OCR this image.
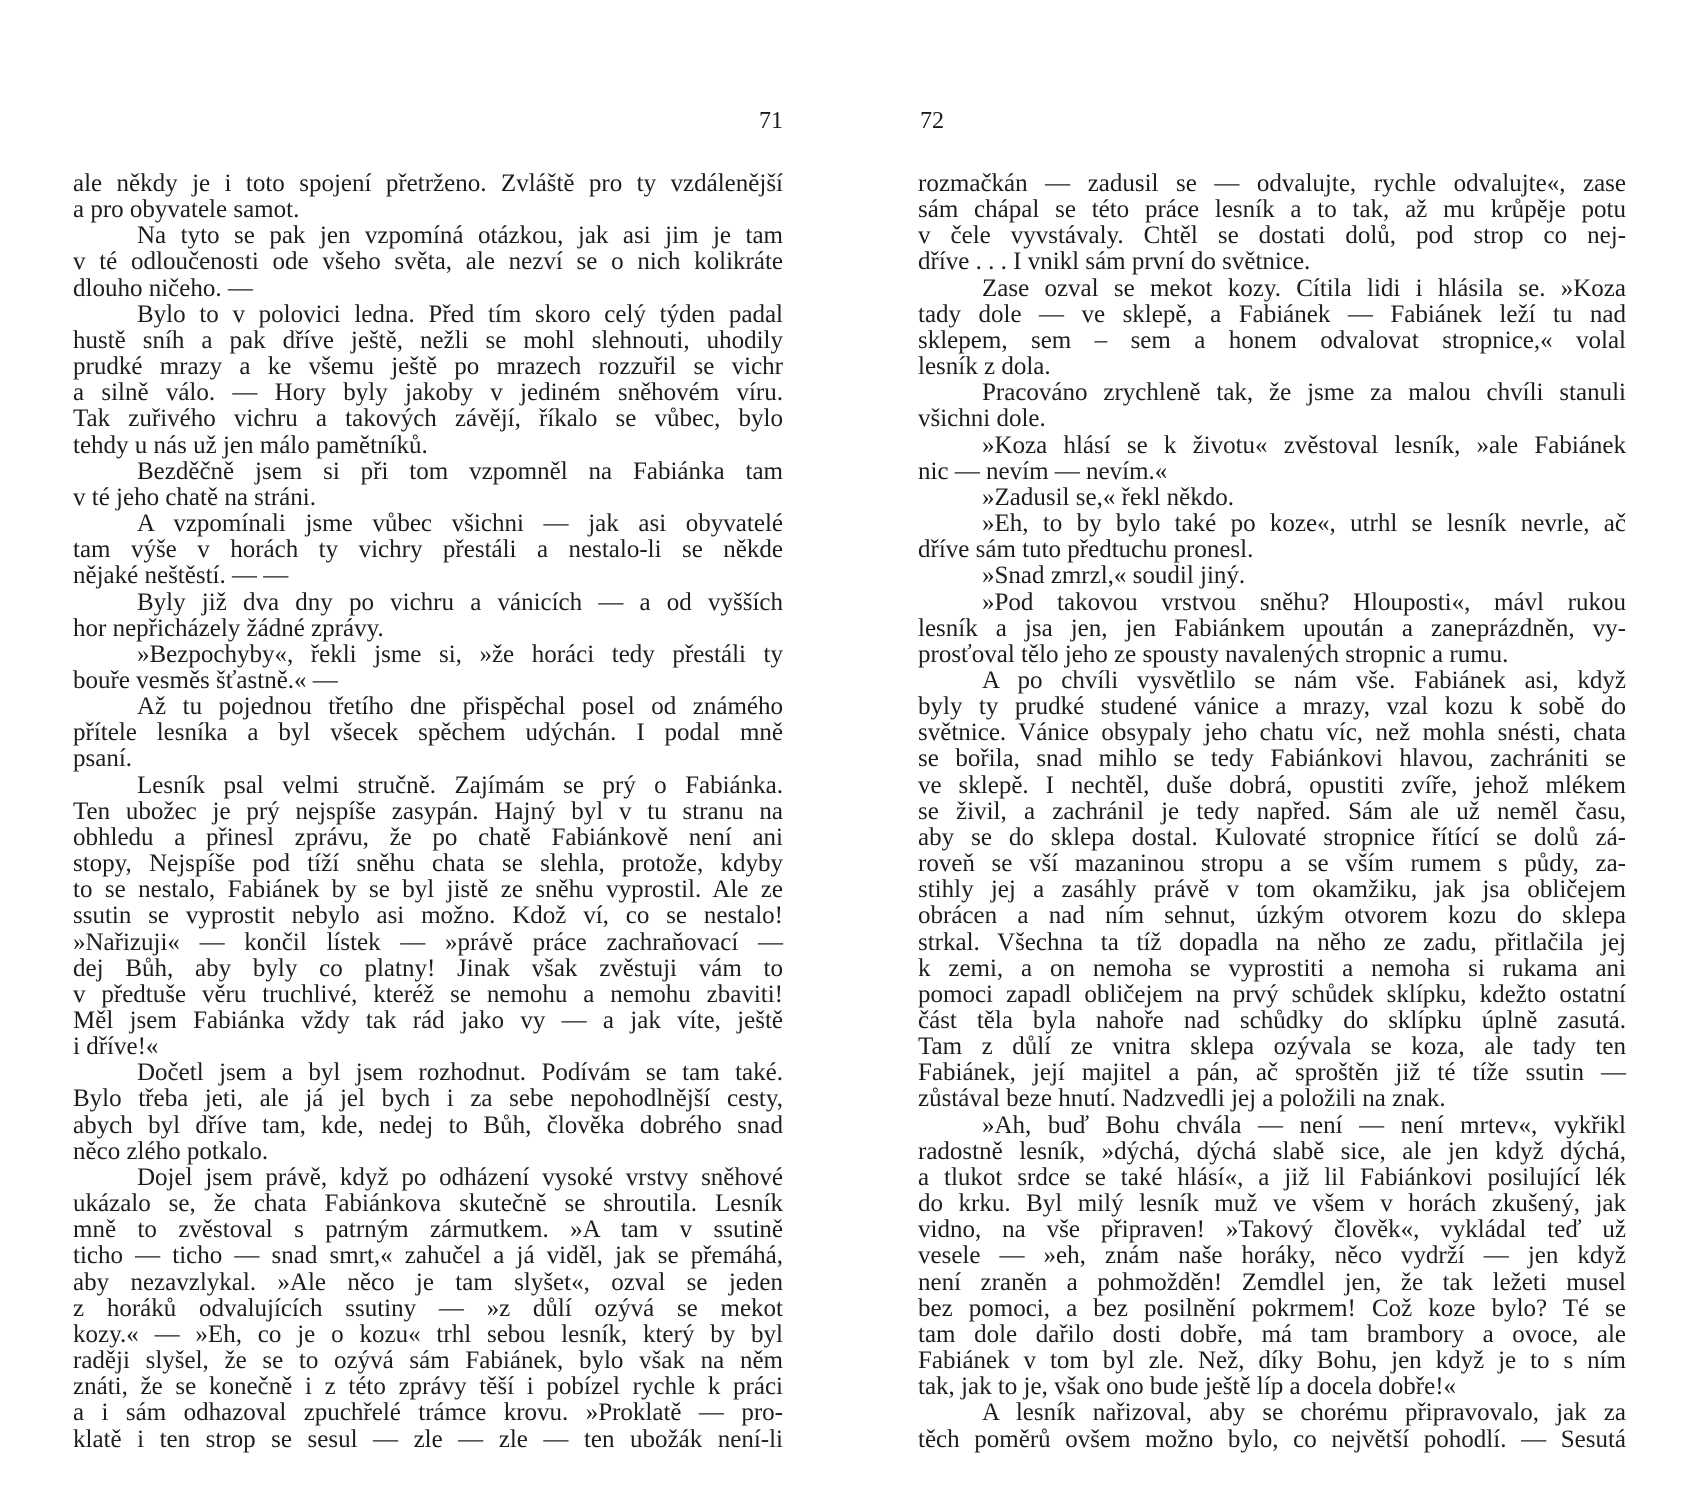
71
ale někdy je i toto spojení přetrženo. Zvláště pro ty vzdálenější
a pro obyvatele samot.
Na tyto se pak jen vzpomíná otázkou, jak asi jim je tam
v té odloučenosti ode všeho světa, ale nezví se o nich kolikráte
dlouho ničeho. —
Bylo to v polovici ledna. Před tím skoro celý týden padal
hustě sníh a pak dříve ještě, nežli se mohl slehnouti, uhodily
prudké mrazy a ke všemu ještě po mrazech rozzuřil se vichr
a silně válo. — Hory byly jakoby v jediném sněhovém víru.
Tak zuřivého vichru a takových závějí, říkalo se vůbec, bylo
tehdy u nás už jen málo pamětníků.
Bezděčně jsem si při tom vzpomněl na Fabiánka tam
v té jeho chatě na stráni.
A vzpomínali jsme vůbec všichni — jak asi obyvatelé
tam výše v horách ty vichry přestáli a nestalo-li se někde
nějaké neštěstí. — —
Byly již dva dny po vichru a vánicích — a od vyšších
hor nepřicházely žádné zprávy.
»Bezpochyby«, řekli jsme si, »že horáci tedy přestáli ty
bouře vesměs šťastně.« —
Až tu pojednou třetího dne přispěchal posel od známého
přítele lesníka a byl všecek spěchem udýchán. I podal mně
psaní.
Lesník psal velmi stručně. Zajímám se prý o Fabiánka.
Ten ubožec je prý nejspíše zasypán. Hajný byl v tu stranu na
obhledu a přinesl zprávu, že po chatě Fabiánkově není ani
stopy, Nejspíše pod tíží sněhu chata se slehla, protože, kdyby
to se nestalo, Fabiánek by se byl jistě ze sněhu vyprostil. Ale ze
ssutin se vyprostit nebylo asi možno. Kdož ví, co se nestalo!
»Nařizuji« — končil lístek — »právě práce zachraňovací —
dej Bůh, aby byly co platny! Jinak však zvěstuji vám to
v předtuše věru truchlivé, kteréž se nemohu a nemohu zbaviti!
Měl jsem Fabiánka vždy tak rád jako vy — a jak víte, ještě
i dříve!«
Dočetl jsem a byl jsem rozhodnut. Podívám se tam také.
Bylo třeba jeti, ale já jel bych i za sebe nepohodlnější cesty,
abych byl dříve tam, kde, nedej to Bůh, člověka dobrého snad
něco zlého potkalo.
Dojel jsem právě, když po odházení vysoké vrstvy sněhové
ukázalo se, že chata Fabiánkova skutečně se shroutila. Lesník
mně to zvěstoval s patrným zármutkem. »A tam v ssutině
ticho — ticho — snad smrt,« zahučel a já viděl, jak se přemáhá,
aby nezavzlykal. »Ale něco je tam slyšet«, ozval se jeden
z horáků odvalujících ssutiny — »z důlí ozývá se mekot
kozy.« — »Eh, co je o kozu« trhl sebou lesník, který by byl
raději slyšel, že se to ozývá sám Fabiánek, bylo však na něm
znáti, že se konečně i z této zprávy těší i pobízel rychle k práci
a i sám odhazoval zpuchřelé trámce krovu. »Proklatě — pro-
klatě i ten strop se sesul — zle — zle — ten ubožák není-li
72
rozmačkán — zadusil se — odvalujte, rychle odvalujte«, zase
sám chápal se této práce lesník a to tak, až mu krůpěje potu
v čele vyvstávaly. Chtěl se dostati dolů, pod strop co nej-
dříve . . . I vnikl sám první do světnice.
Zase ozval se mekot kozy. Cítila lidi i hlásila se. »Koza
tady dole — ve sklepě, a Fabiánek — Fabiánek leží tu nad
sklepem, sem – sem a honem odvalovat stropnice,« volal
lesník z dola.
Pracováno zrychleně tak, že jsme za malou chvíli stanuli
všichni dole.
»Koza hlásí se k životu« zvěstoval lesník, »ale Fabiánek
nic — nevím — nevím.«
»Zadusil se,« řekl někdo.
»Eh, to by bylo také po koze«, utrhl se lesník nevrle, ač
dříve sám tuto předtuchu pronesl.
»Snad zmrzl,« soudil jiný.
»Pod takovou vrstvou sněhu? Hlouposti«, mávl rukou
lesník a jsa jen, jen Fabiánkem upoután a zaneprázdněn, vy-
prosťoval tělo jeho ze spousty navalených stropnic a rumu.
A po chvíli vysvětlilo se nám vše. Fabiánek asi, když
byly ty prudké studené vánice a mrazy, vzal kozu k sobě do
světnice. Vánice obsypaly jeho chatu víc, než mohla snésti, chata
se bořila, snad mihlo se tedy Fabiánkovi hlavou, zachrániti se
ve sklepě. I nechtěl, duše dobrá, opustiti zvíře, jehož mlékem
se živil, a zachránil je tedy napřed. Sám ale už neměl času,
aby se do sklepa dostal. Kulovaté stropnice řítící se dolů zá-
roveň se vší mazaninou stropu a se vším rumem s půdy, za-
stihly jej a zasáhly právě v tom okamžiku, jak jsa obličejem
obrácen a nad ním sehnut, úzkým otvorem kozu do sklepa
strkal. Všechna ta tíž dopadla na něho ze zadu, přitlačila jej
k zemi, a on nemoha se vyprostiti a nemoha si rukama ani
pomoci zapadl obličejem na prvý schůdek sklípku, kdežto ostatní
část těla byla nahoře nad schůdky do sklípku úplně zasutá.
Tam z důlí ze vnitra sklepa ozývala se koza, ale tady ten
Fabiánek, její majitel a pán, ač sproštěn již té tíže ssutin —
zůstával beze hnutí. Nadzvedli jej a položili na znak.
»Ah, buď Bohu chvála — není — není mrtev«, vykřikl
radostně lesník, »dýchá, dýchá slabě sice, ale jen když dýchá,
a tlukot srdce se také hlásí«, a již lil Fabiánkovi posilující lék
do krku. Byl milý lesník muž ve všem v horách zkušený, jak
vidno, na vše připraven! »Takový člověk«, vykládal teď už
vesele — »eh, znám naše horáky, něco vydrží — jen když
není zraněn a pohmožděn! Zemdlel jen, že tak ležeti musel
bez pomoci, a bez posilnění pokrmem! Což koze bylo? Té se
tam dole dařilo dosti dobře, má tam brambory a ovoce, ale
Fabiánek v tom byl zle. Než, díky Bohu, jen když je to s ním
tak, jak to je, však ono bude ještě líp a docela dobře!«
A lesník nařizoval, aby se chorému připravovalo, jak za
těch poměrů ovšem možno bylo, co největší pohodlí. — Sesutá
